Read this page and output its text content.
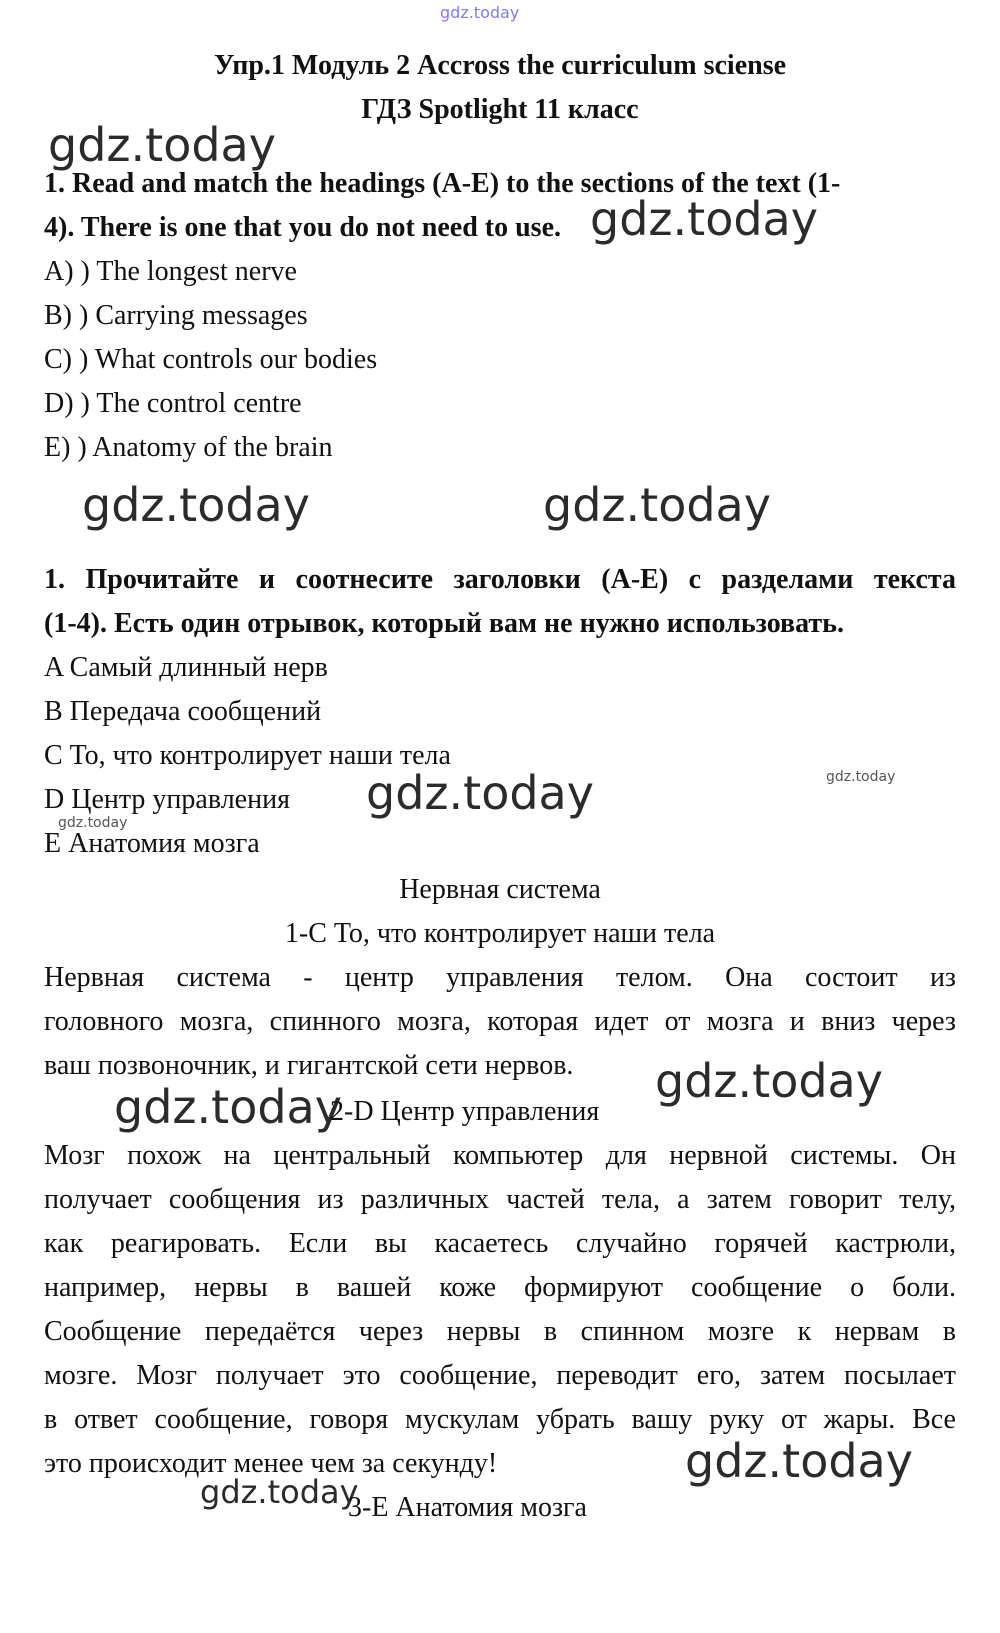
gdz.today
Упр.1 Модуль 2 Accross the curriculum sciense
ГДЗ Spotlight 11 класс
gdz.today
1. Read and match the headings (A-E) to the sections of the text (1-
4). There is one that you do not need to use. gdz.today
A) ) The longest nerve
B) ) Carrying messages
C) ) What controls our bodies
D) ) The control centre
E) ) Anatomy of the brain
gdz.today	gdz.today
1. Прочитайте и соотнесите заголовки (A-E) с разделами текста
(1-4). Есть один отрывок, который вам не нужно использовать.
A Самый длинный нерв
B Передача сообщений
C То, что контролирует наши тела
D Центр управления
E Анатомия мозга
gdz.today	gdz.today
gdz.today
Нервная система
1-C То, что контролирует наши тела
Нервная система - центр управления телом. Она состоит из
головного мозга, спинного мозга, которая идет от мозга и вниз через
ваш позвоночник, и гигантской сети нервов.	gdz.today
gdz.today
2-D Центр управления
Мозг похож на центральный компьютер для нервной системы. Он
получает сообщения из различных частей тела, а затем говорит телу,
как реагировать. Если вы касаетесь случайно горячей кастрюли,
например, нервы в вашей коже формируют сообщение о боли.
Сообщение передаётся через нервы в спинном мозге к нервам в
мозге. Мозг получает это сообщение, переводит его, затем посылает
в ответ сообщение, говоря мускулам убрать вашу руку от жары. Все
это происходит менее чем за секунду!	gdz.today
gdz.today
3-E Анатомия мозга
